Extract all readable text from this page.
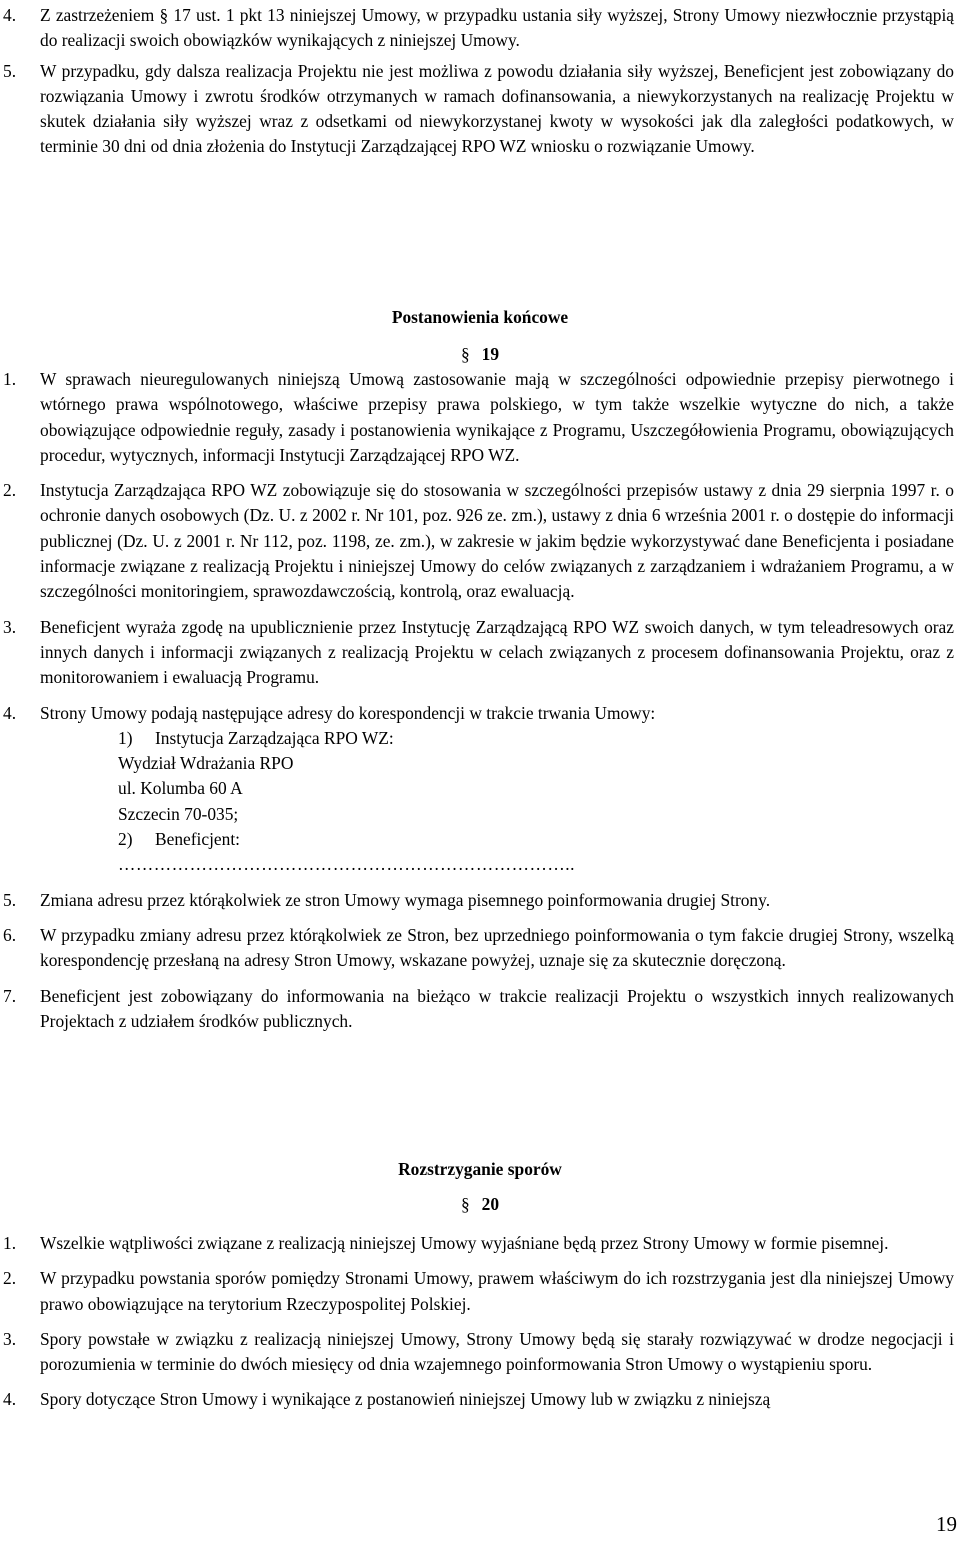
4.	Z zastrzeżeniem § 17 ust. 1 pkt 13 niniejszej Umowy, w przypadku ustania siły wyższej, Strony Umowy niezwłocznie przystąpią do realizacji swoich obowiązków wynikających z niniejszej Umowy.
5.	W przypadku, gdy dalsza realizacja Projektu nie jest możliwa z powodu działania siły wyższej, Beneficjent jest zobowiązany do rozwiązania Umowy i zwrotu środków otrzymanych w ramach dofinansowania, a niewykorzystanych na realizację Projektu w skutek działania siły wyższej wraz z odsetkami od niewykorzystanej kwoty w wysokości jak dla zaległości podatkowych, w terminie 30 dni od dnia złożenia do Instytucji Zarządzającej RPO WZ wniosku o rozwiązanie Umowy.
Postanowienia końcowe
§ 19
1.	W sprawach nieuregulowanych niniejszą Umową zastosowanie mają w szczególności odpowiednie przepisy pierwotnego i wtórnego prawa wspólnotowego, właściwe przepisy prawa polskiego, w tym także wszelkie wytyczne do nich, a także obowiązujące odpowiednie reguły, zasady i postanowienia wynikające z Programu, Uszczegółowienia Programu, obowiązujących procedur, wytycznych, informacji Instytucji Zarządzającej RPO WZ.
2.	Instytucja Zarządzająca RPO WZ zobowiązuje się do stosowania w szczególności przepisów ustawy z dnia 29 sierpnia 1997 r. o ochronie danych osobowych (Dz. U. z 2002 r. Nr 101, poz. 926 ze. zm.), ustawy z dnia 6 września 2001 r. o dostępie do informacji publicznej (Dz. U. z 2001 r. Nr 112, poz. 1198, ze. zm.), w zakresie w jakim będzie wykorzystywać dane Beneficjenta i posiadane informacje związane z realizacją Projektu i niniejszej Umowy do celów związanych z zarządzaniem i wdrażaniem Programu, a w szczególności monitoringiem, sprawozdawczością, kontrolą, oraz ewaluacją.
3.	Beneficjent wyraża zgodę na upublicznienie przez Instytucję Zarządzającą RPO WZ swoich danych, w tym teleadresowych oraz innych danych i informacji związanych z realizacją Projektu w celach związanych z procesem dofinansowania Projektu, oraz z monitorowaniem i ewaluacją Programu.
4.	Strony Umowy podają następujące adresy do korespondencji w trakcie trwania Umowy:
1)	Instytucja Zarządzająca RPO WZ:
Wydział Wdrażania RPO
ul. Kolumba 60 A
Szczecin 70-035;
2)	Beneficjent:
…………………………………………………………………..
5.	Zmiana adresu przez którąkolwiek ze stron Umowy wymaga pisemnego poinformowania drugiej Strony.
6.	W przypadku zmiany adresu przez którąkolwiek ze Stron, bez uprzedniego poinformowania o tym fakcie drugiej Strony, wszelką korespondencję przesłaną na adresy Stron Umowy, wskazane powyżej, uznaje się za skutecznie doręczoną.
7.	Beneficjent jest zobowiązany do informowania na bieżąco w trakcie realizacji Projektu o wszystkich innych realizowanych Projektach z udziałem środków publicznych.
Rozstrzyganie sporów
§ 20
1.	Wszelkie wątpliwości związane z realizacją niniejszej Umowy wyjaśniane będą przez Strony Umowy w formie pisemnej.
2.	W przypadku powstania sporów pomiędzy Stronami Umowy, prawem właściwym do ich rozstrzygania jest dla niniejszej Umowy prawo obowiązujące na terytorium Rzeczypospolitej Polskiej.
3.	Spory powstałe w związku z realizacją niniejszej Umowy, Strony Umowy będą się starały rozwiązywać w drodze negocjacji i porozumienia w terminie do dwóch miesięcy od dnia wzajemnego poinformowania Stron Umowy o wystąpieniu sporu.
4.	Spory dotyczące Stron Umowy i wynikające z postanowień niniejszej Umowy lub w związku z niniejszą
19
